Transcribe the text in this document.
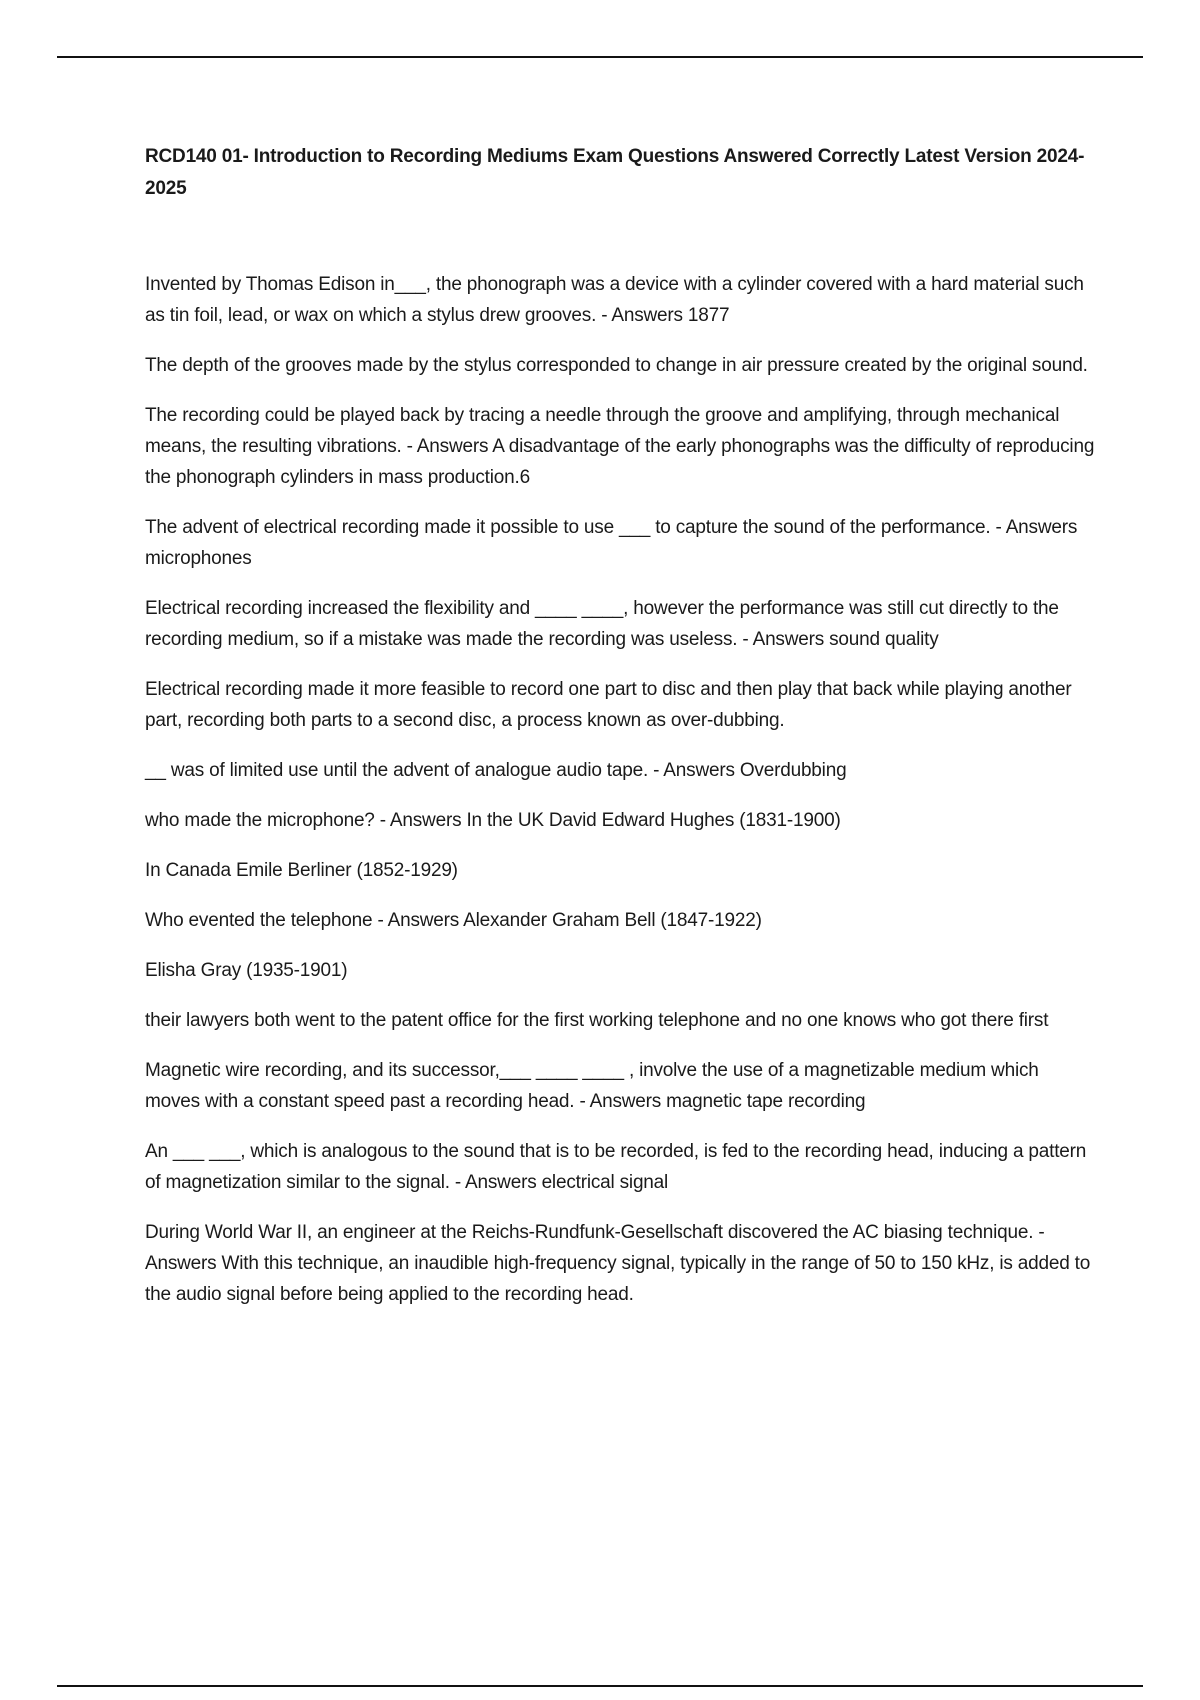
RCD140 01- Introduction to Recording Mediums Exam Questions Answered Correctly Latest Version 2024-2025

Invented by Thomas Edison in___, the phonograph was a device with a cylinder covered with a hard material such as tin foil, lead, or wax on which a stylus drew grooves. - Answers 1877

The depth of the grooves made by the stylus corresponded to change in air pressure created by the original sound.

The recording could be played back by tracing a needle through the groove and amplifying, through mechanical means, the resulting vibrations. - Answers A disadvantage of the early phonographs was the difficulty of reproducing the phonograph cylinders in mass production.6

The advent of electrical recording made it possible to use ___ to capture the sound of the performance. - Answers microphones

Electrical recording increased the flexibility and ____ ____, however the performance was still cut directly to the recording medium, so if a mistake was made the recording was useless. - Answers sound quality

Electrical recording made it more feasible to record one part to disc and then play that back while playing another part, recording both parts to a second disc, a process known as over-dubbing.

__ was of limited use until the advent of analogue audio tape. - Answers Overdubbing

who made the microphone? - Answers In the UK David Edward Hughes (1831-1900)

In Canada Emile Berliner (1852-1929)

Who evented the telephone - Answers Alexander Graham Bell (1847-1922)

Elisha Gray (1935-1901)

their lawyers both went to the patent office for the first working telephone and no one knows who got there first

Magnetic wire recording, and its successor,___ ____ ____ , involve the use of a magnetizable medium which moves with a constant speed past a recording head. - Answers magnetic tape recording

An ___ ___, which is analogous to the sound that is to be recorded, is fed to the recording head, inducing a pattern of magnetization similar to the signal. - Answers electrical signal

During World War II, an engineer at the Reichs-Rundfunk-Gesellschaft discovered the AC biasing technique. - Answers With this technique, an inaudible high-frequency signal, typically in the range of 50 to 150 kHz, is added to the audio signal before being applied to the recording head.
